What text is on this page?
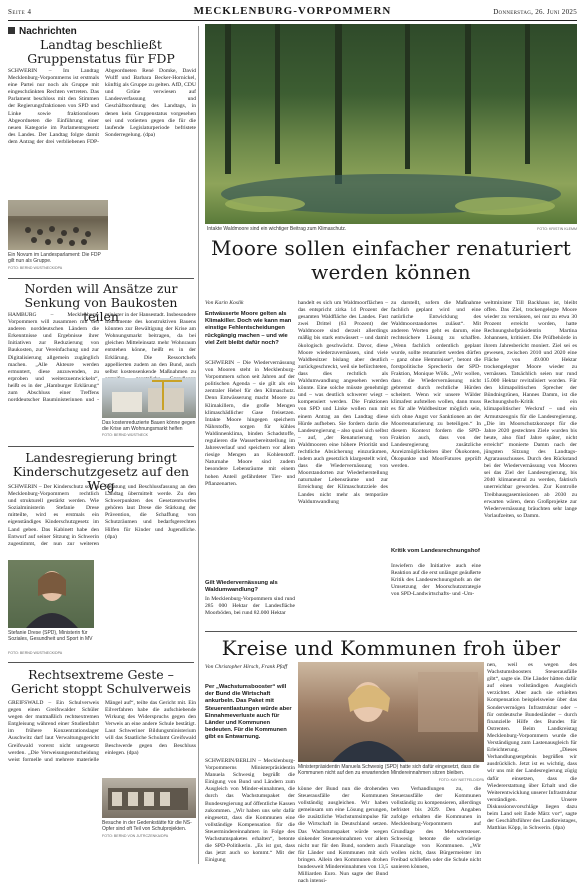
Seite 4	MECKLENBURG-VORPOMMERN	Donnerstag, 26. Juni 2025
Nachrichten
Landtag beschließt Gruppenstatus für FDP
SCHWERIN – Im Landtag Mecklenburg-Vorpommerns ist erstmals eine Partei nur noch als Gruppe mit eingeschränkten Rechten vertreten. Das Parlament beschloss mit den Stimmen der Regierungsfraktionen von SPD und Linke sowie fraktionslosen Abgeordneten die Einführung einer neuen Kategorie im Parlamentsgesetz des Landes. Der Landtag folgte damit dem Antrag der drei verbliebenen FDP-Abgeordneten René Domke, David Wulff und Barbara Becker-Hornickel, künftig als Gruppe zu gelten. AfD, CDU und Grüne verwiesen auf Landesverfassung und Geschäftsordnung des Landtags, in denen kein Gruppenstatus vorgesehen sei und votierten gegen die für die laufende Legislaturperiode befristete Sonderregelung. (dpa)
Ein Novum im Landesparlament: Die FDP gilt nun als Gruppe.
FOTO: BERND WÜSTNECK/DPA
Norden will Ansätze zur Senkung von Baukosten teilen
HAMBURG – Mecklenburg-Vorpommern will zusammen mit den anderen norddeutschen Ländern die Erkenntnisse und Ergebnisse ihrer Initiativen zur Reduzierung von Baukosten, zur Vereinfachung und zur Digitalisierung allgemein zugänglich machen. „Alle Akteure werden ermuntert, diese anzuwenden, zu erproben und weiterzuentwickeln“, heißt es in der „Hamburger Erklärung“ zum Abschluss einer Treffens norddeutscher Bauministerinnen und -minister in der Hansestadt. Insbesondere Instrumente des konstruktiven Bauens könnten zur Bewältigung der Krise am Wohnungsmarkt beitragen, da bei gleichen Mitteleinsatz mehr Wohnraum entstehen könne, heißt es in der Erklärung. Die Ressortchefs appellierten zudem an den Bund, auch selbst kostensenkende Maßnahmen zu
Das kostenreduzierte Bauen könne gegen die Krise am Wohnungsmarkt helfen
FOTO: BERND WÜSTNECK
Landesregierung bringt Kinderschutzgesetz auf den Weg
SCHWERIN – Der Kinderschutz soll in Mecklenburg-Vorpommern rechtlich und strukturell gestärkt werden. Wie Sozialministerin Stefanie Drese mitteilte, wird es erstmals ein eigenständiges Kinderschutzgesetz im Land geben. Das Kabinett habe den Entwurf auf seiner Sitzung in Schwerin zugestimmt, der nun zur weiteren Beratung und Beschlussfassung an den Landtag übermittelt werde. Zu den Schwerpunkten des Gesetzentwurfes gehören laut Drese die Stärkung der Prävention, die Schaffung von Schutzräumen und bedarfsgerechten Hilfen für Kinder und Jugendliche. (dpa)
Stefanie Drese (SPD), Ministerin für Soziales, Gesundheit und Sport in MV
FOTO: BERND WÜSTNECK/DPA
Rechtsextreme Geste – Gericht stoppt Schulverweis
GREIFSWALD – Ein Schulverweis gegen einen Greifswalder Schüler wegen der mutmaßlich rechtsextremen Entgleisung während einer Studienfahrt im frühere Konzentrationslager Auschwitz darf laut Verwaltungsgericht Greifswald vorerst nicht umgesetzt werden. „Die Verweisungsentscheidung weist formelle und mehrere materielle Mängel auf“, teilte das Gericht mit. Ein Eilverfahren habe die aufschiebende Wirkung des Widerspruchs gegen den Verweis an eine andere Schule bestätigt. Laut Schweriner Bildungsministerium will das Staatliche Schulamt Greifswald Beschwerde gegen den Beschluss einlegen. (dpa)
Besuche in der Gedenkstätte für die NS-Opfer sind oft Teil von Schulprojekten.
FOTO: BERND VON JUTRCZENKA/DPA
Intakte Waldmoore sind ein wichtiger Beitrag zum Klimaschutz.	FOTO: KRISTIN KLEMM
Moore sollen einfacher renaturiert werden können
Von Karin Koslik
Entwässerte Moore gelten als Klimakiller. Doch wie kann man einstige Fehlentscheidungen rückgängig machen – und wie viel Zeit bleibt dafür noch?
SCHWERIN – Die Wiedervernässung von Mooren steht in Mecklenburg-Vorpommern schon seit Jahren auf der politischen Agenda – sie gilt als ein zentraler Hebel für den Klimaschutz. Denn Entwässerung macht Moore zu Klimakillern, die große Mengen klimaschädlicher Gase freisetzen. Intakte Moore hingegen speichern Nährstoffe, sorgen für kühles Waldinnenklima, binden Schadstoffe, regulieren die Wasserbereitstellung im Jahresverlauf und speichern vor allem riesige Mengen an Kohlenstoff. Naturnahe Moore sind zudem besondere Lebensräume mit einem hohen Anteil gefährdeter Tier- und Pflanzenarten.
Gilt Wiedervernässung als Waldumwandlung?
In Mecklenburg-Vorpommern sind rund 285 000 Hektar der Landesfläche Moorböden, bei rund 82.000 Hektar
handelt es sich um Waldmoorflächen – das entspricht zirka 14 Prozent der gesamten Waldfläche des Landes. Fast zwei Drittel (63 Prozent) der Waldmoore sind derzeit allerdings mäßig bis stark entwässert – und damit ökologisch geschwächt. Davor, diese Moore wiederzuvernässen, sind viele Waldbesitzer bislang aber deutlich zurückgeschreckt, weil sie befürchteten, dass dies rechtlich als Waldumwandlung angesehen werden könnte. Eine solche müsste genehmigt und – was deutlich schwerer wiegt – kompensiert werden. Die Fraktionen von SPD und Linke wollen nun mit einem Antrag an den Landtag diese Hürde aufheben. Sie fordern darin die Landesregierung – also quasi sich selbst – auf, „der Renaturierung von Waldmooren eine höhere Priorität und rechtliche Absicherung einzuräumen, indem auch gesetzlich klargestellt wird, dass die Wiedervernässung von Moorstandorten zur Wiederherstellung naturnaher Lebensräume und zur Erreichung der Klimaschutzziele des Landes nicht mehr als temporäre Waldumwandlung
zu darstellt, sofern die Maßnahme fachlich geplant wird und eine natürliche Entwicklung des Waldmoorstandortes zulässt“. Mit anderen Worten geht es darum, eine rechtssichere Lösung zu schaffen. „Wenn fachlich ordentlich geplant wurde, sollte renaturiert werden dürfen – ganz ohne Hemmnisse“, betont die forstpolitische Sprecherin der SPD-Fraktion, Monique Wölk. „Wir wollen, dass die Wiedervernässung nicht gebremst durch rechtliche Hürden scheitert. Wenn wir unsere Wälder klimafest aufstellen wollen, dann muss es für alle Waldbesitzer möglich sein, sich ohne Angst vor Sanktionen an der Moorrenaturierung zu beteiligen.“ In diesem Kontext fordern die SPD-Fraktion auch, dass von der Landesregierung zusätzliche Anreizmöglichkeiten über Ökokonten, Ökopunkte und MoorFutures geprüft werden.
Kritik vom Landesrechnungshof
Inwiefern die Initiative auch eine Reaktion auf die erst unlängst geäußerte Kritik des Landesrechnungshofs an der Umsetzung der Moorschutzstrategie von SPD-Landwirtschafts- und -Um-
weltminister Till Backhaus ist, bleibt offen. Das Ziel, trockengelegte Moore wieder zu vernässen, sei nur zu etwa 30 Prozent erreicht worden, hatte Rechnungshofpräsidentin Martina Johannsen, kritisiert. Die Prüfbehörde in ihrem Jahresbericht moniert. Ziel sei es gewesen, zwischen 2010 und 2020 eine Fläche von 49.000 Hektar trockengelegter Moore wieder zu vernässen. Tatsächlich seien nur rund 15.000 Hektar revitalisiert worden. Für den klimapolitischen Sprecher der Bündnisgrünen, Hannes Damm, ist die Rechnungshofs-Kritik ein klimapolitischer Weckruf – und ein Armutszeugnis für die Landesregierung. „Die im Moorschutzkonzept für die Jahre 2020 gesteckten Ziele wurden bis heute, also fünf Jahre später, nicht erreicht“ monierte Damm nach der jüngsten Sitzung des Landtags-Agrarausschusses. Durch den Rückstand bei der Wiedervernässung von Mooren sei das Ziel der Landesregierung, bis 2040 klimaneutral zu werden, faktisch unerreichbar geworden. Zur Kontrolle Treibhausgasemissionen ab 2030 zu erwarten wären, denn Großprojekte zur Wiedervernässung bräuchten sehr lange Vorlaufzeiten, so Damm.
Kreise und Kommunen froh über
Von Christopher Hirsch, Frank Pfaff
Per „Wachstumsbooster“ will der Bund die Wirtschaft ankurbeln. Das Paket mit Steuerentlastungen würde aber Einnahmeverluste auch für Länder und Kommunen bedeuten. Für die Kommunen gibt es Entwarnung.
SCHWERIN/BERLIN – Mecklenburg-Vorpommerns Ministerpräsidentin Manuela Schwesig begrüßt die Einigung von Bund und Ländern zum Ausgleich von Minder-einnahmen, die durch das Wachstumspaket der Bundesregierung auf öffentliche Kassen zukommen. „Wir haben uns sehr dafür eingesetzt, dass die Kommunen eine vollständige Kompensation für die Steuermindereinnahmen in Folge des Wachstumspaketes erhalten“, betonte die SPD-Politikerin. „Es ist gut, dass das jetzt auch so kommt.“ Mit der Einigung
Ministerpräsidentin Manuela Schwesig (SPD) hatte sich dafür eingesetzt, dass die Kommunen nicht auf den zu erwartenden Mindereinnahmen sitzen bleiben.
FOTO: KAY NIETFELD/DPA
könne der Bund nun die drohenden Steuerausfälle der Kommunen vollständig ausgleichen. Wir haben gemeinsam um eine Lösung gerungen, die zusätzliche Wachstumsimpulse für die Wirtschaft in Deutschland setzen. Das Wachstumspaket würde wegen sinkender Steuereinnahmen vor allem nicht nur für den Bund, sondern auch für Länder und Kommunen mit sich bringen. Allein den Kommunen drohen bundesweit Mindereinnahmen von 13,5 Milliarden Euro. Nun sagte der Bund nach intensi-
ven Verhandlungen zu, die Steuerausfälle der Kommunen vollständig zu kompensieren, allerdings befristet bis 2029. Den Angaben zufolge erhalten die Kommunen in Mecklenburg-Vorpommern auf Grundlage des Mehrwertsteuer. Schwesig betonte die schwierige Finanzlage von Kommunen. „Wir wollen nicht, dass Bürgermeister im Freibad schließen oder die Schule nicht sanieren können,
nen, weil es wegen des Wachstumsboosters Steuerausfälle gibt“, sagte sie. Die Länder hätten dafür auf einen vollständigen Ausgleich verzichtet. Aber auch sie erhielten Kompensation beispielsweise über das Sondervermögen Infrastruktur oder – für ostdeutsche Bundesländer – durch finanzielle Hilfe des Bundes für Ostrenten. Beim Landkreistag Mecklenburg-Vorpommern wurde die Verständigung zum Lastenausgleich für Erleichterung. „Dieses Verhandlungsergebnis begrüßen wir ausdrücklich. Jetzt ist es wichtig, dass wir uns mit der Landesregierung zügig dafür einsetzen, dass die Wiedererstattung über Erhalt und die Weiterentwicklung unserer Infrastruktur verständigen. Unsere Diskussionsvorschläge liegen dazu beim Land seit Ende März vor“, sagte der Geschäftsführer des Landkreistages, Matthias Köpp, in Schwerin. (dpa)
